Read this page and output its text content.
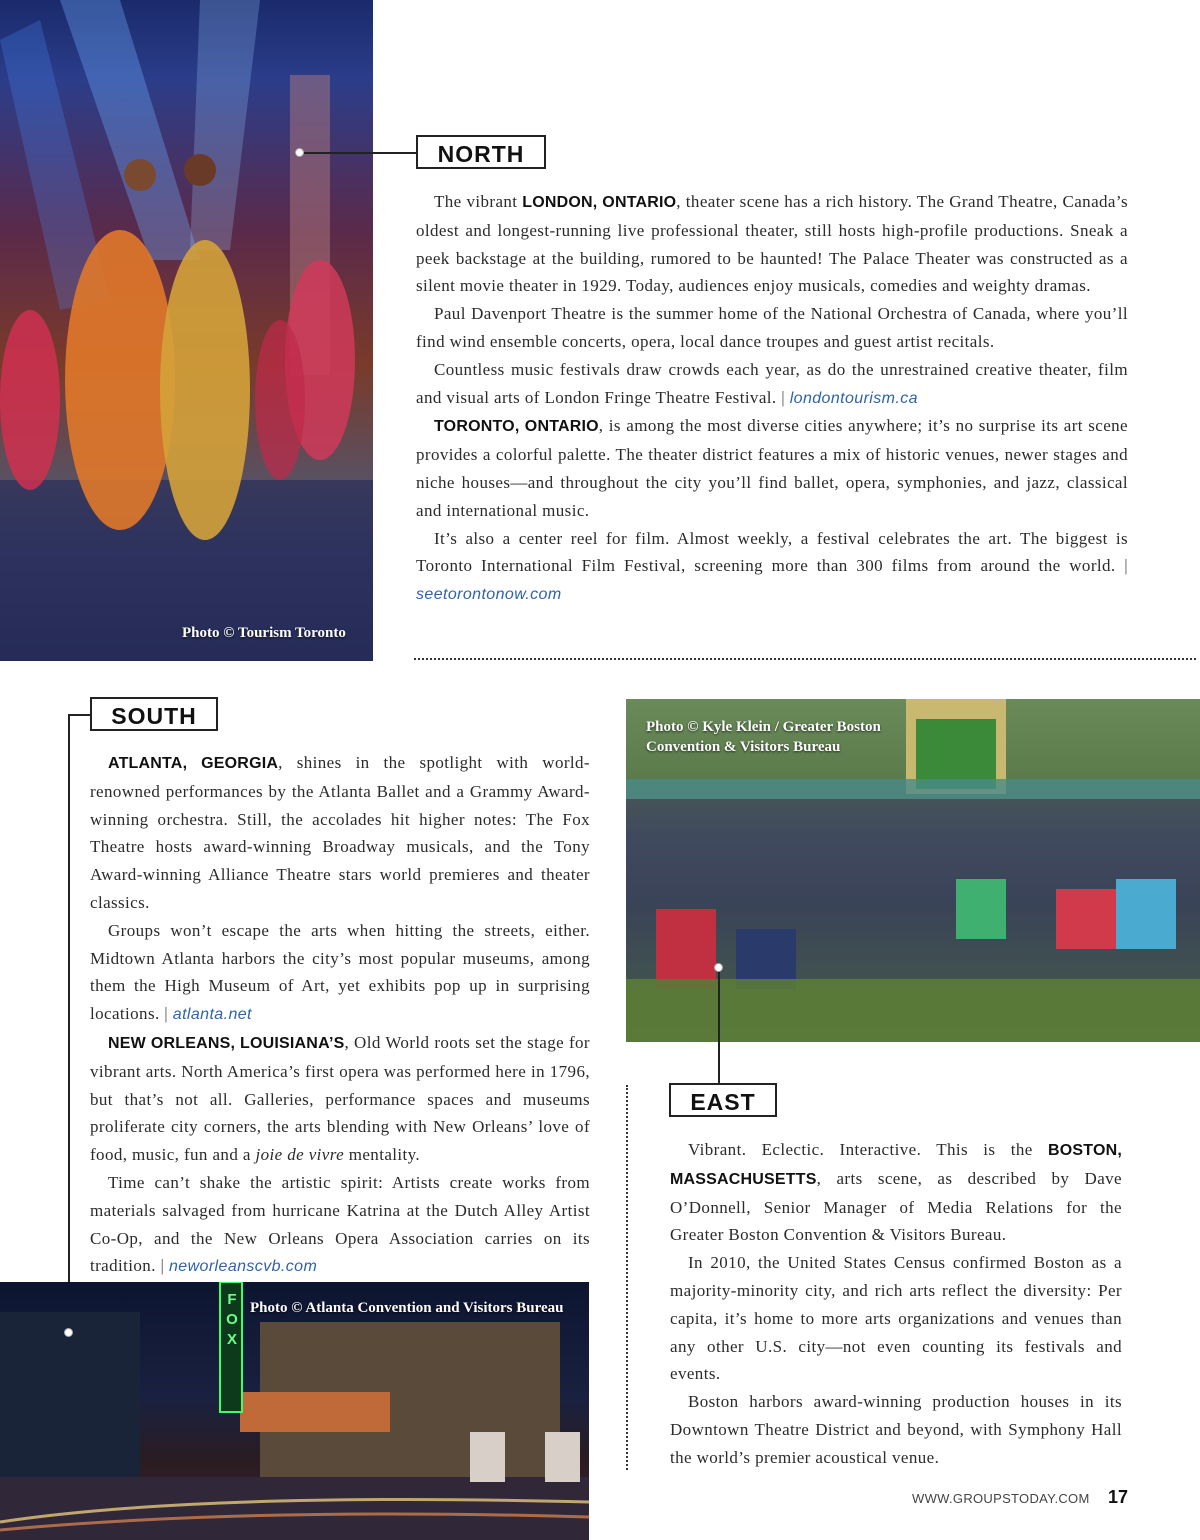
Photo © Tourism Toronto
NORTH

The vibrant LONDON, ONTARIO, theater scene has a rich history. The Grand Theatre, Canada’s oldest and longest-running live professional theater, still hosts high-profile productions. Sneak a peek backstage at the building, rumored to be haunted! The Palace Theater was constructed as a silent movie theater in 1929. Today, audiences enjoy musicals, comedies and weighty dramas.

Paul Davenport Theatre is the summer home of the National Orchestra of Canada, where you’ll find wind ensemble concerts, opera, local dance troupes and guest artist recitals.

Countless music festivals draw crowds each year, as do the unrestrained creative theater, film and visual arts of London Fringe Theatre Festival. | londontourism.ca

TORONTO, ONTARIO, is among the most diverse cities anywhere; it’s no surprise its art scene provides a colorful palette. The theater district features a mix of historic venues, newer stages and niche houses—and throughout the city you’ll find ballet, opera, symphonies, and jazz, classical and international music.

It’s also a center reel for film. Almost weekly, a festival celebrates the art. The biggest is Toronto International Film Festival, screening more than 300 films from around the world. | seetorontonow.com

SOUTH

ATLANTA, GEORGIA, shines in the spotlight with world-renowned performances by the Atlanta Ballet and a Grammy Award-winning orchestra. Still, the accolades hit higher notes: The Fox Theatre hosts award-winning Broadway musicals, and the Tony Award-winning Alliance Theatre stars world premieres and theater classics.

Groups won’t escape the arts when hitting the streets, either. Midtown Atlanta harbors the city’s most popular museums, among them the High Museum of Art, yet exhibits pop up in surprising locations. | atlanta.net

NEW ORLEANS, LOUISIANA’S, Old World roots set the stage for vibrant arts. North America’s first opera was performed here in 1796, but that’s not all. Galleries, performance spaces and museums proliferate city corners, the arts blending with New Orleans’ love of food, music, fun and a joie de vivre mentality.

Time can’t shake the artistic spirit: Artists create works from materials salvaged from hurricane Katrina at the Dutch Alley Artist Co-Op, and the New Orleans Opera Association carries on its tradition. | neworleanscvb.com

FOX
Photo © Atlanta Convention and Visitors Bureau
Photo © Kyle Klein / Greater Boston Convention & Visitors Bureau
EAST

Vibrant. Eclectic. Interactive. This is the BOSTON, MASSACHUSETTS, arts scene, as described by Dave O’Donnell, Senior Manager of Media Relations for the Greater Boston Convention & Visitors Bureau.

In 2010, the United States Census confirmed Boston as a majority-minority city, and rich arts reflect the diversity: Per capita, it’s home to more arts organizations and venues than any other U.S. city—not even counting its festivals and events.

Boston harbors award-winning production houses in its Downtown Theatre District and beyond, with Symphony Hall the world’s premier acoustical venue.

WWW.GROUPSTODAY.COM 17
